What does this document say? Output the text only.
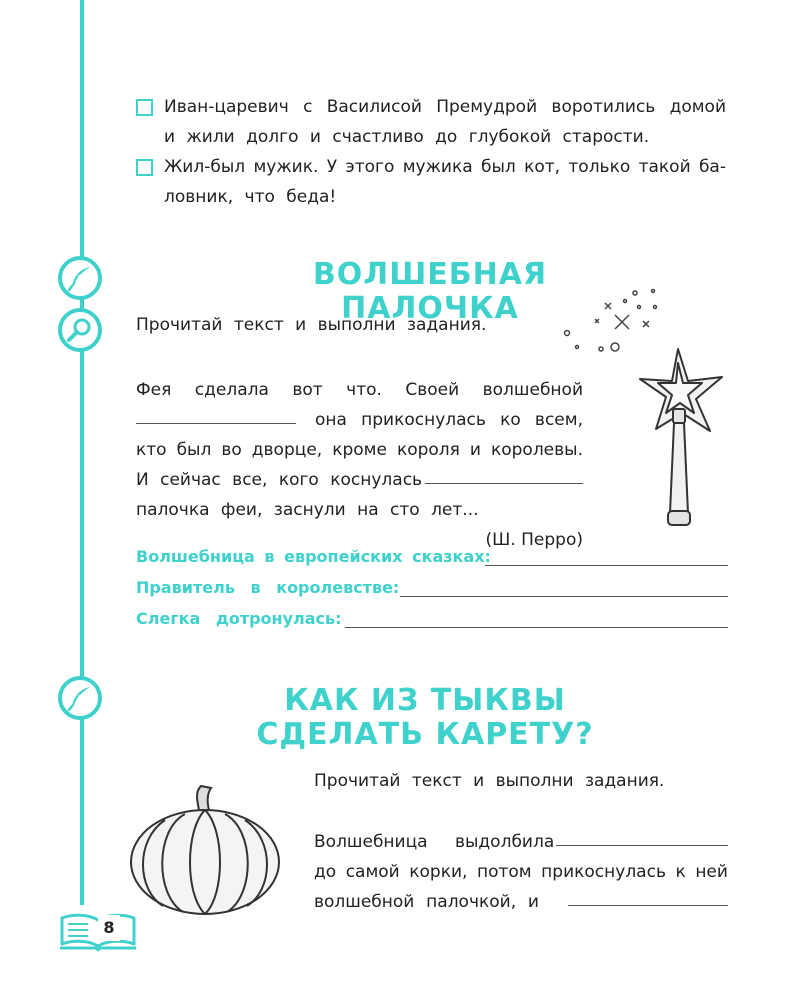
Иван-царевич с Василисой Премудрой воротились домой
и жили долго и счастливо до глубокой старости.
Жил-был мужик. У этого мужика был кот, только такой ба-
ловник, что беда!
ВОЛШЕБНАЯ ПАЛОЧКА
Прочитай текст и выполни задания.
Фея сделала вот что. Своей волшебной
она прикоснулась ко всем,
кто был во дворце, кроме короля и королевы.
И сейчас все, кого коснулась
палочка феи, заснули на сто лет...
(Ш. Перро)
Волшебница в европейских сказках:
Правитель в королевстве:
Слегка дотронулась:
КАК ИЗ ТЫКВЫ
СДЕЛАТЬ КАРЕТУ?
Прочитай текст и выполни задания.
Волшебница выдолбила
до самой корки, потом прикоснулась к ней
волшебной палочкой, и
8
